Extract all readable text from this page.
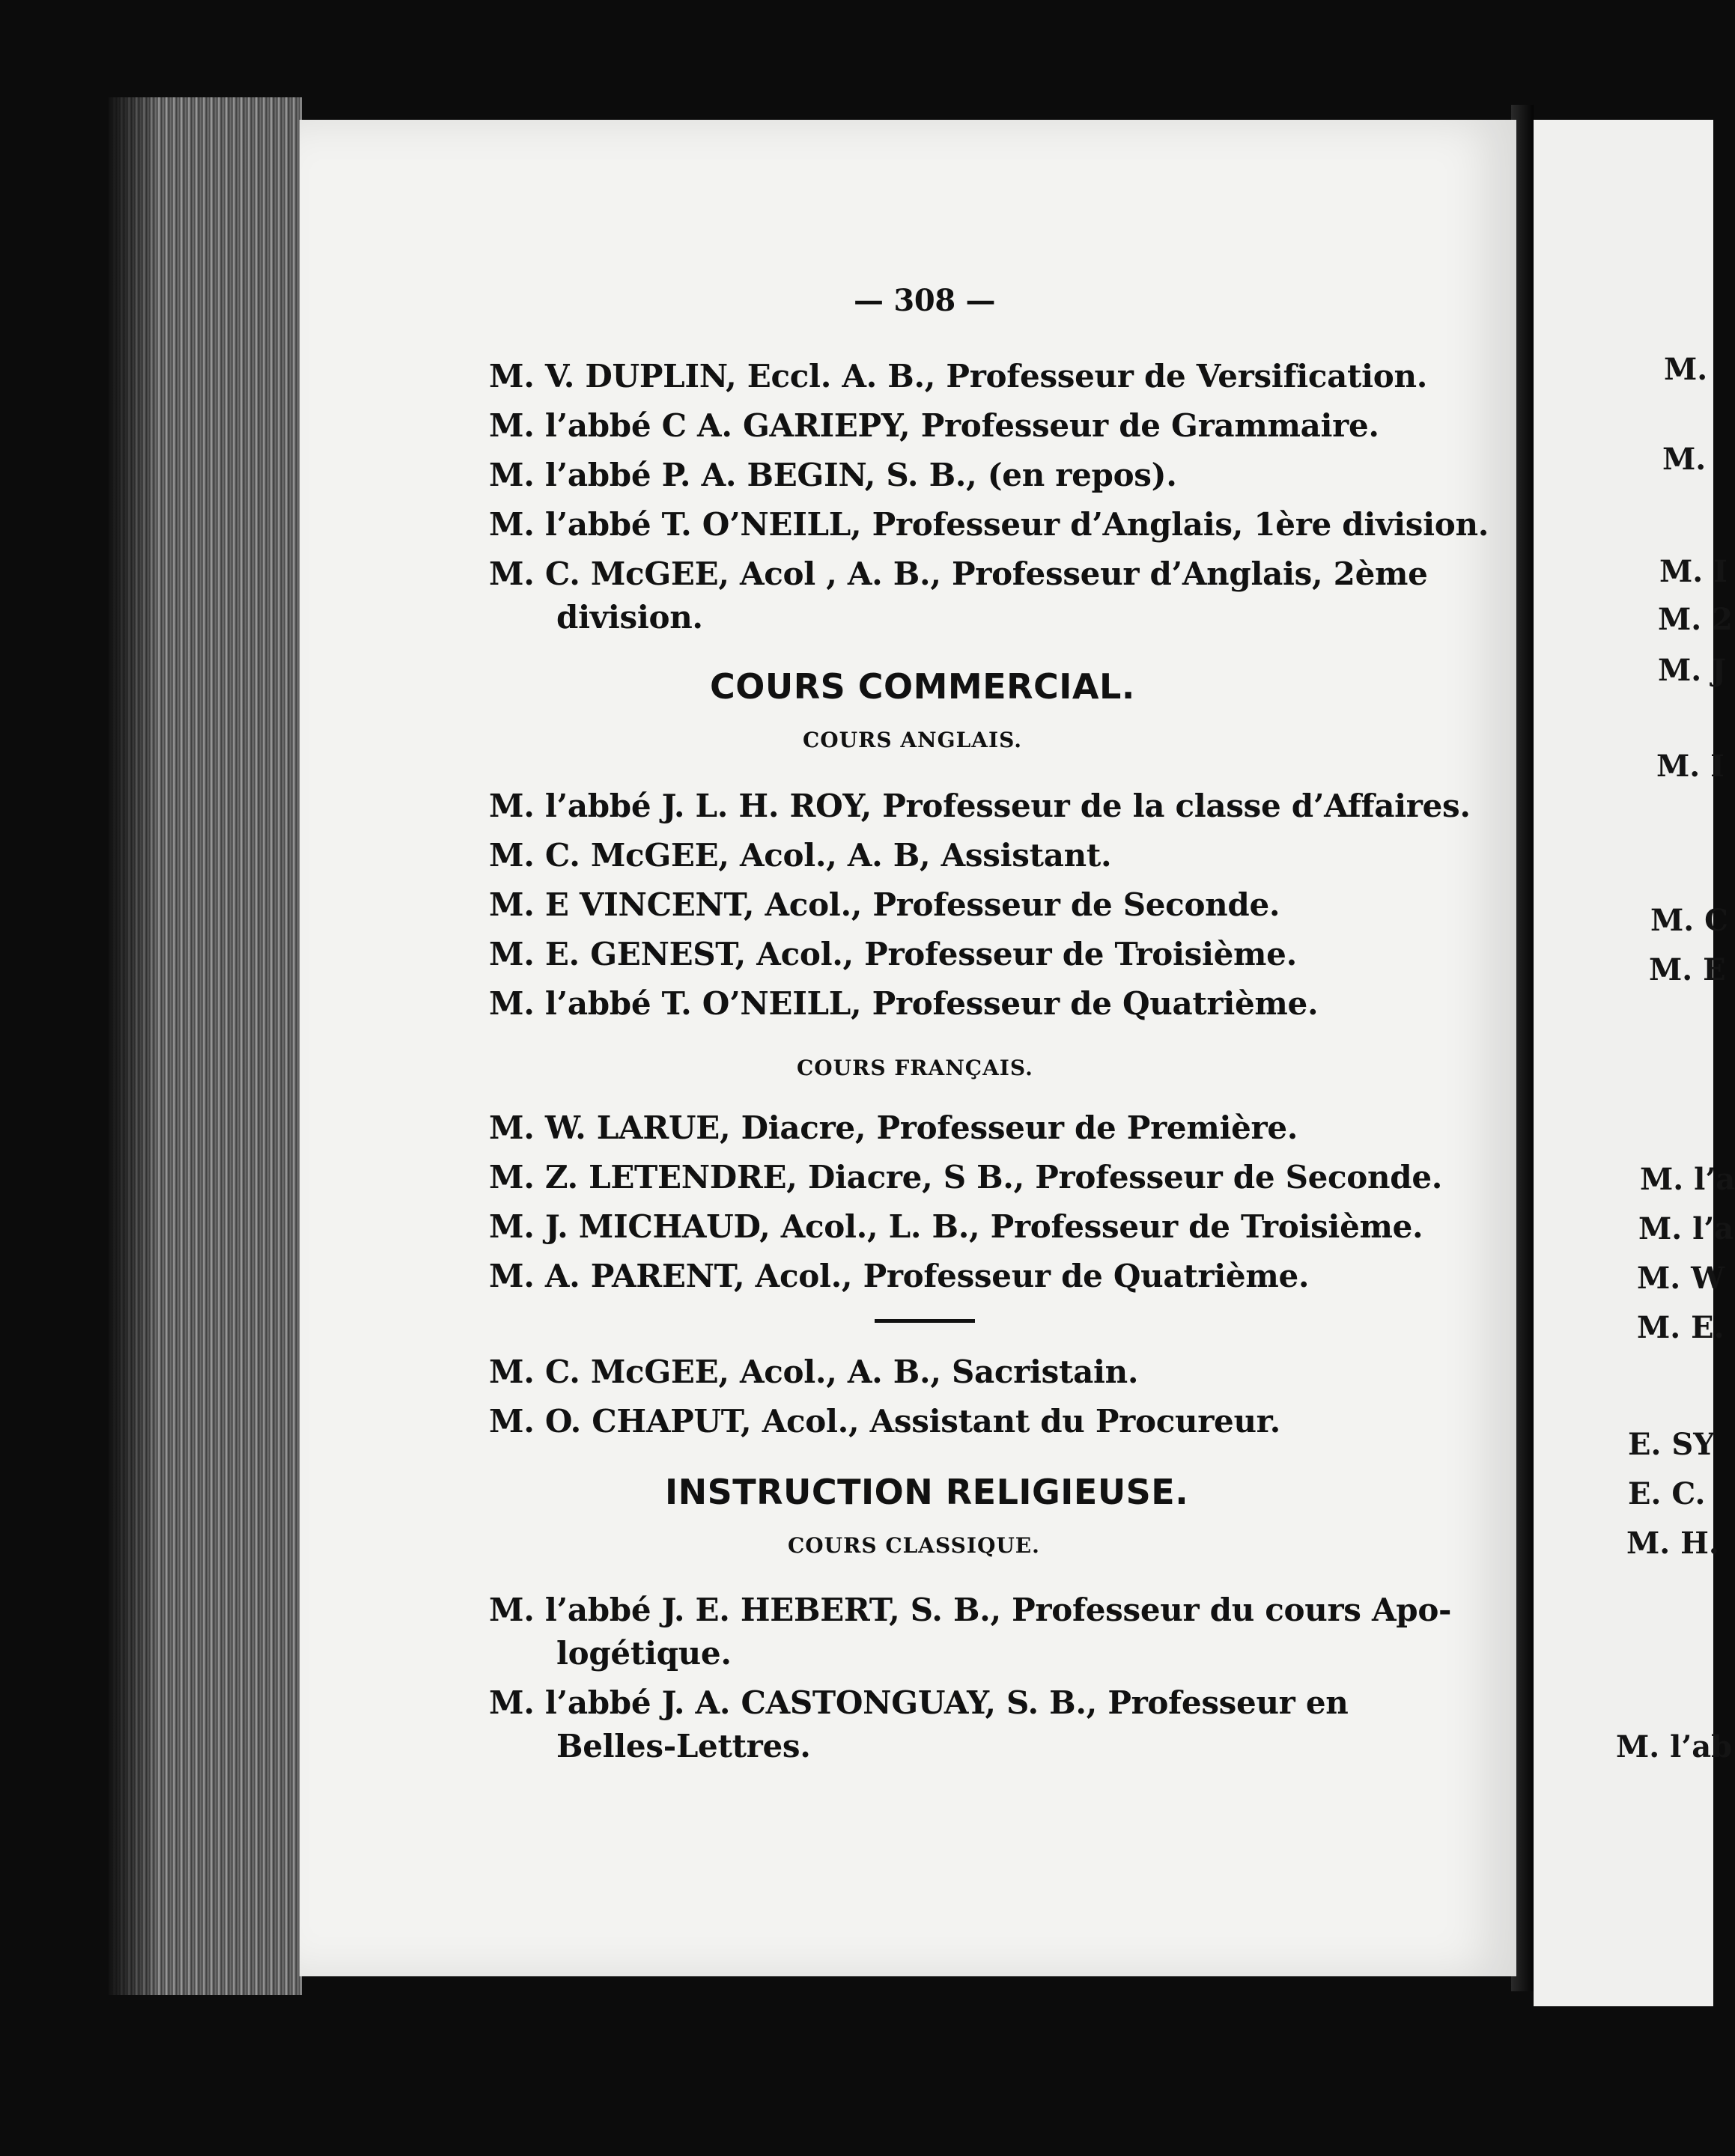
— 308 —
M. V. DUPLIN, Eccl. A. B., Professeur de Versification.
M. l’abbé C A. GARIEPY, Professeur de Grammaire.
M. l’abbé P. A. BEGIN, S. B., (en repos).
M. l’abbé T. O’NEILL, Professeur d’Anglais, 1ère division.
M. C. McGEE, Acol , A. B., Professeur d’Anglais, 2ème
division.
COURS COMMERCIAL.
COURS ANGLAIS.
M. l’abbé J. L. H. ROY, Professeur de la classe d’Affaires.
M. C. McGEE, Acol., A. B, Assistant.
M. E VINCENT, Acol., Professeur de Seconde.
M. E. GENEST, Acol., Professeur de Troisième.
M. l’abbé T. O’NEILL, Professeur de Quatrième.
COURS FRANÇAIS.
M. W. LARUE, Diacre, Professeur de Première.
M. Z. LETENDRE, Diacre, S B., Professeur de Seconde.
M. J. MICHAUD, Acol., L. B., Professeur de Troisième.
M. A. PARENT, Acol., Professeur de Quatrième.
M. C. McGEE, Acol., A. B., Sacristain.
M. O. CHAPUT, Acol., Assistant du Procureur.
INSTRUCTION RELIGIEUSE.
COURS CLASSIQUE.
M. l’abbé J. E. HEBERT, S. B., Professeur du cours Apo-
logétique.
M. l’abbé J. A. CASTONGUAY, S. B., Professeur en
Belles-Lettres.
M.
M.
M. I
M. 2
M. J
M. I
M. C
M. E
M. l’a
M. l’a
M. W
M. E.
E. SY
E. C.
M. H.
M. l’ab
